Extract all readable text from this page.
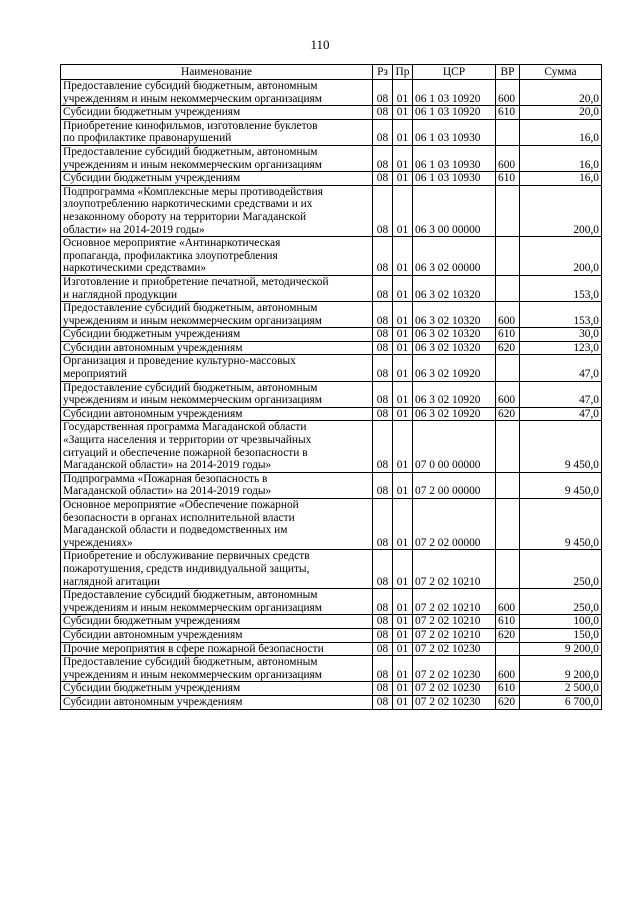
110
Наименование	Рз	Пр	ЦСР	ВР	Сумма
Предоставление субсидий бюджетным, автономным
учреждениям и иным некоммерческим организациям	08	01	06 1 03 10920	600	20,0
Субсидии бюджетным учреждениям	08	01	06 1 03 10920	610	20,0
Приобретение кинофильмов, изготовление буклетов
по профилактике правонарушений	08	01	06 1 03 10930		16,0
Предоставление субсидий бюджетным, автономным
учреждениям и иным некоммерческим организациям	08	01	06 1 03 10930	600	16,0
Субсидии бюджетным учреждениям	08	01	06 1 03 10930	610	16,0
Подпрограмма «Комплексные меры противодействия
злоупотреблению наркотическими средствами и их
незаконному обороту на территории Магаданской
области» на 2014-2019 годы»	08	01	06 3 00 00000		200,0
Основное мероприятие «Антинаркотическая
пропаганда, профилактика злоупотребления
наркотическими средствами»	08	01	06 3 02 00000		200,0
Изготовление и приобретение печатной, методической
и наглядной продукции	08	01	06 3 02 10320		153,0
Предоставление субсидий бюджетным, автономным
учреждениям и иным некоммерческим организациям	08	01	06 3 02 10320	600	153,0
Субсидии бюджетным учреждениям	08	01	06 3 02 10320	610	30,0
Субсидии автономным учреждениям	08	01	06 3 02 10320	620	123,0
Организация и проведение культурно-массовых
мероприятий	08	01	06 3 02 10920		47,0
Предоставление субсидий бюджетным, автономным
учреждениям и иным некоммерческим организациям	08	01	06 3 02 10920	600	47,0
Субсидии автономным учреждениям	08	01	06 3 02 10920	620	47,0
Государственная программа Магаданской области
«Защита населения и территории от чрезвычайных
ситуаций и обеспечение пожарной безопасности в
Магаданской области» на 2014-2019 годы»	08	01	07 0 00 00000		9 450,0
Подпрограмма «Пожарная безопасность в
Магаданской области» на 2014-2019 годы»	08	01	07 2 00 00000		9 450,0
Основное мероприятие «Обеспечение пожарной
безопасности в органах исполнительной власти
Магаданской области и подведомственных им
учреждениях»	08	01	07 2 02 00000		9 450,0
Приобретение и обслуживание первичных средств
пожаротушения, средств индивидуальной защиты,
наглядной агитации	08	01	07 2 02 10210		250,0
Предоставление субсидий бюджетным, автономным
учреждениям и иным некоммерческим организациям	08	01	07 2 02 10210	600	250,0
Субсидии бюджетным учреждениям	08	01	07 2 02 10210	610	100,0
Субсидии автономным учреждениям	08	01	07 2 02 10210	620	150,0
Прочие мероприятия в сфере пожарной безопасности	08	01	07 2 02 10230		9 200,0
Предоставление субсидий бюджетным, автономным
учреждениям и иным некоммерческим организациям	08	01	07 2 02 10230	600	9 200,0
Субсидии бюджетным учреждениям	08	01	07 2 02 10230	610	2 500,0
Субсидии автономным учреждениям	08	01	07 2 02 10230	620	6 700,0
